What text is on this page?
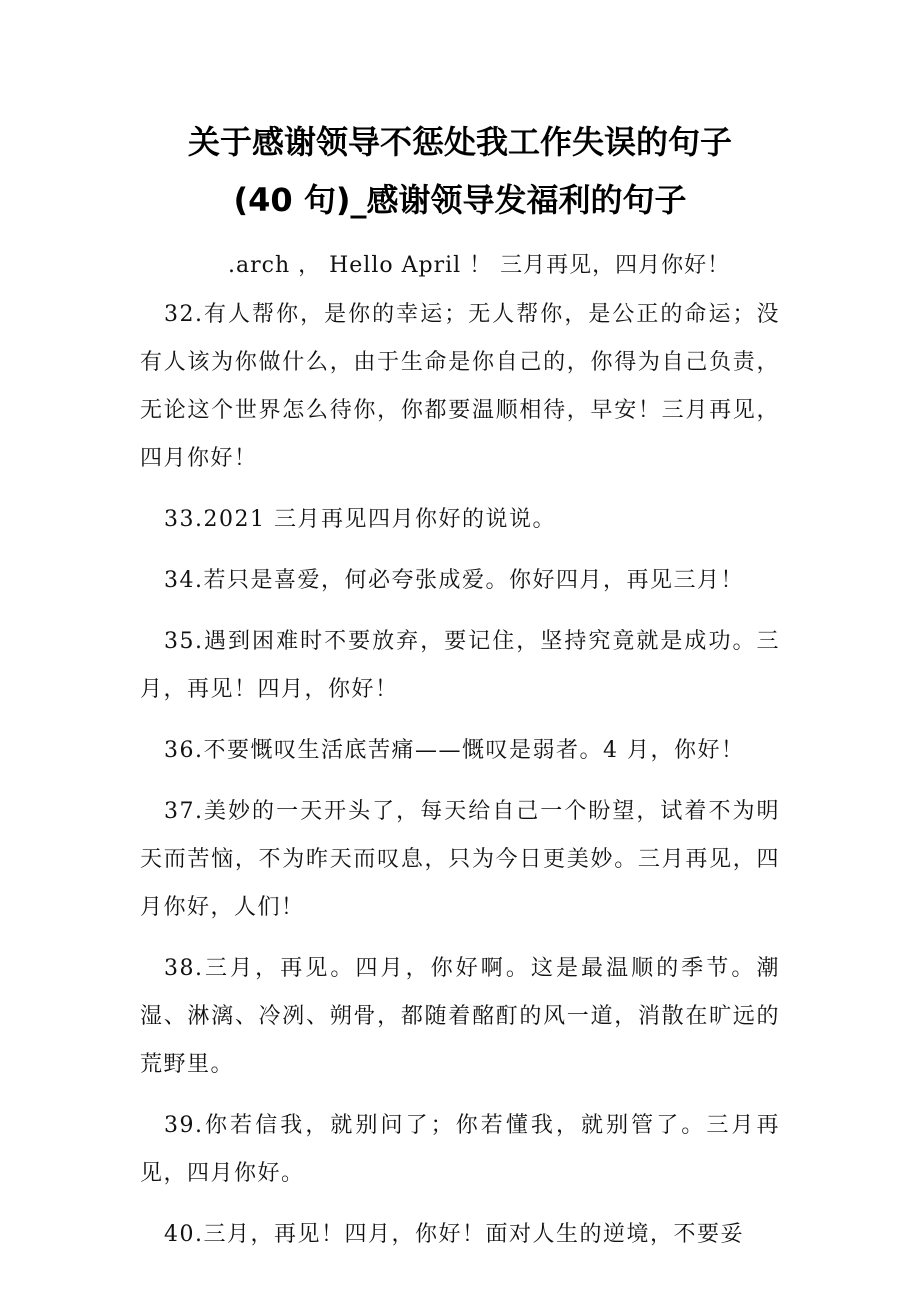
关于感谢领导不惩处我工作失误的句子
(40 句)_感谢领导发福利的句子

.arch ， Hello April ！ 三月再见，四月你好！

32.有人帮你，是你的幸运；无人帮你，是公正的命运；没有人该为你做什么，由于生命是你自己的，你得为自己负责，无论这个世界怎么待你，你都要温顺相待，早安！三月再见，四月你好！

33.2021 三月再见四月你好的说说。

34.若只是喜爱，何必夸张成爱。你好四月，再见三月！

35.遇到困难时不要放弃，要记住，坚持究竟就是成功。三月，再见！四月，你好！

36.不要慨叹生活底苦痛——慨叹是弱者。4 月，你好！

37.美妙的一天开头了，每天给自己一个盼望，试着不为明天而苦恼，不为昨天而叹息，只为今日更美妙。三月再见，四月你好，人们！

38.三月，再见。四月，你好啊。这是最温顺的季节。潮湿、淋漓、冷冽、朔骨，都随着酩酊的风一道，消散在旷远的荒野里。

39.你若信我，就别问了；你若懂我，就别管了。三月再见，四月你好。

40.三月，再见！四月，你好！面对人生的逆境，不要妥
